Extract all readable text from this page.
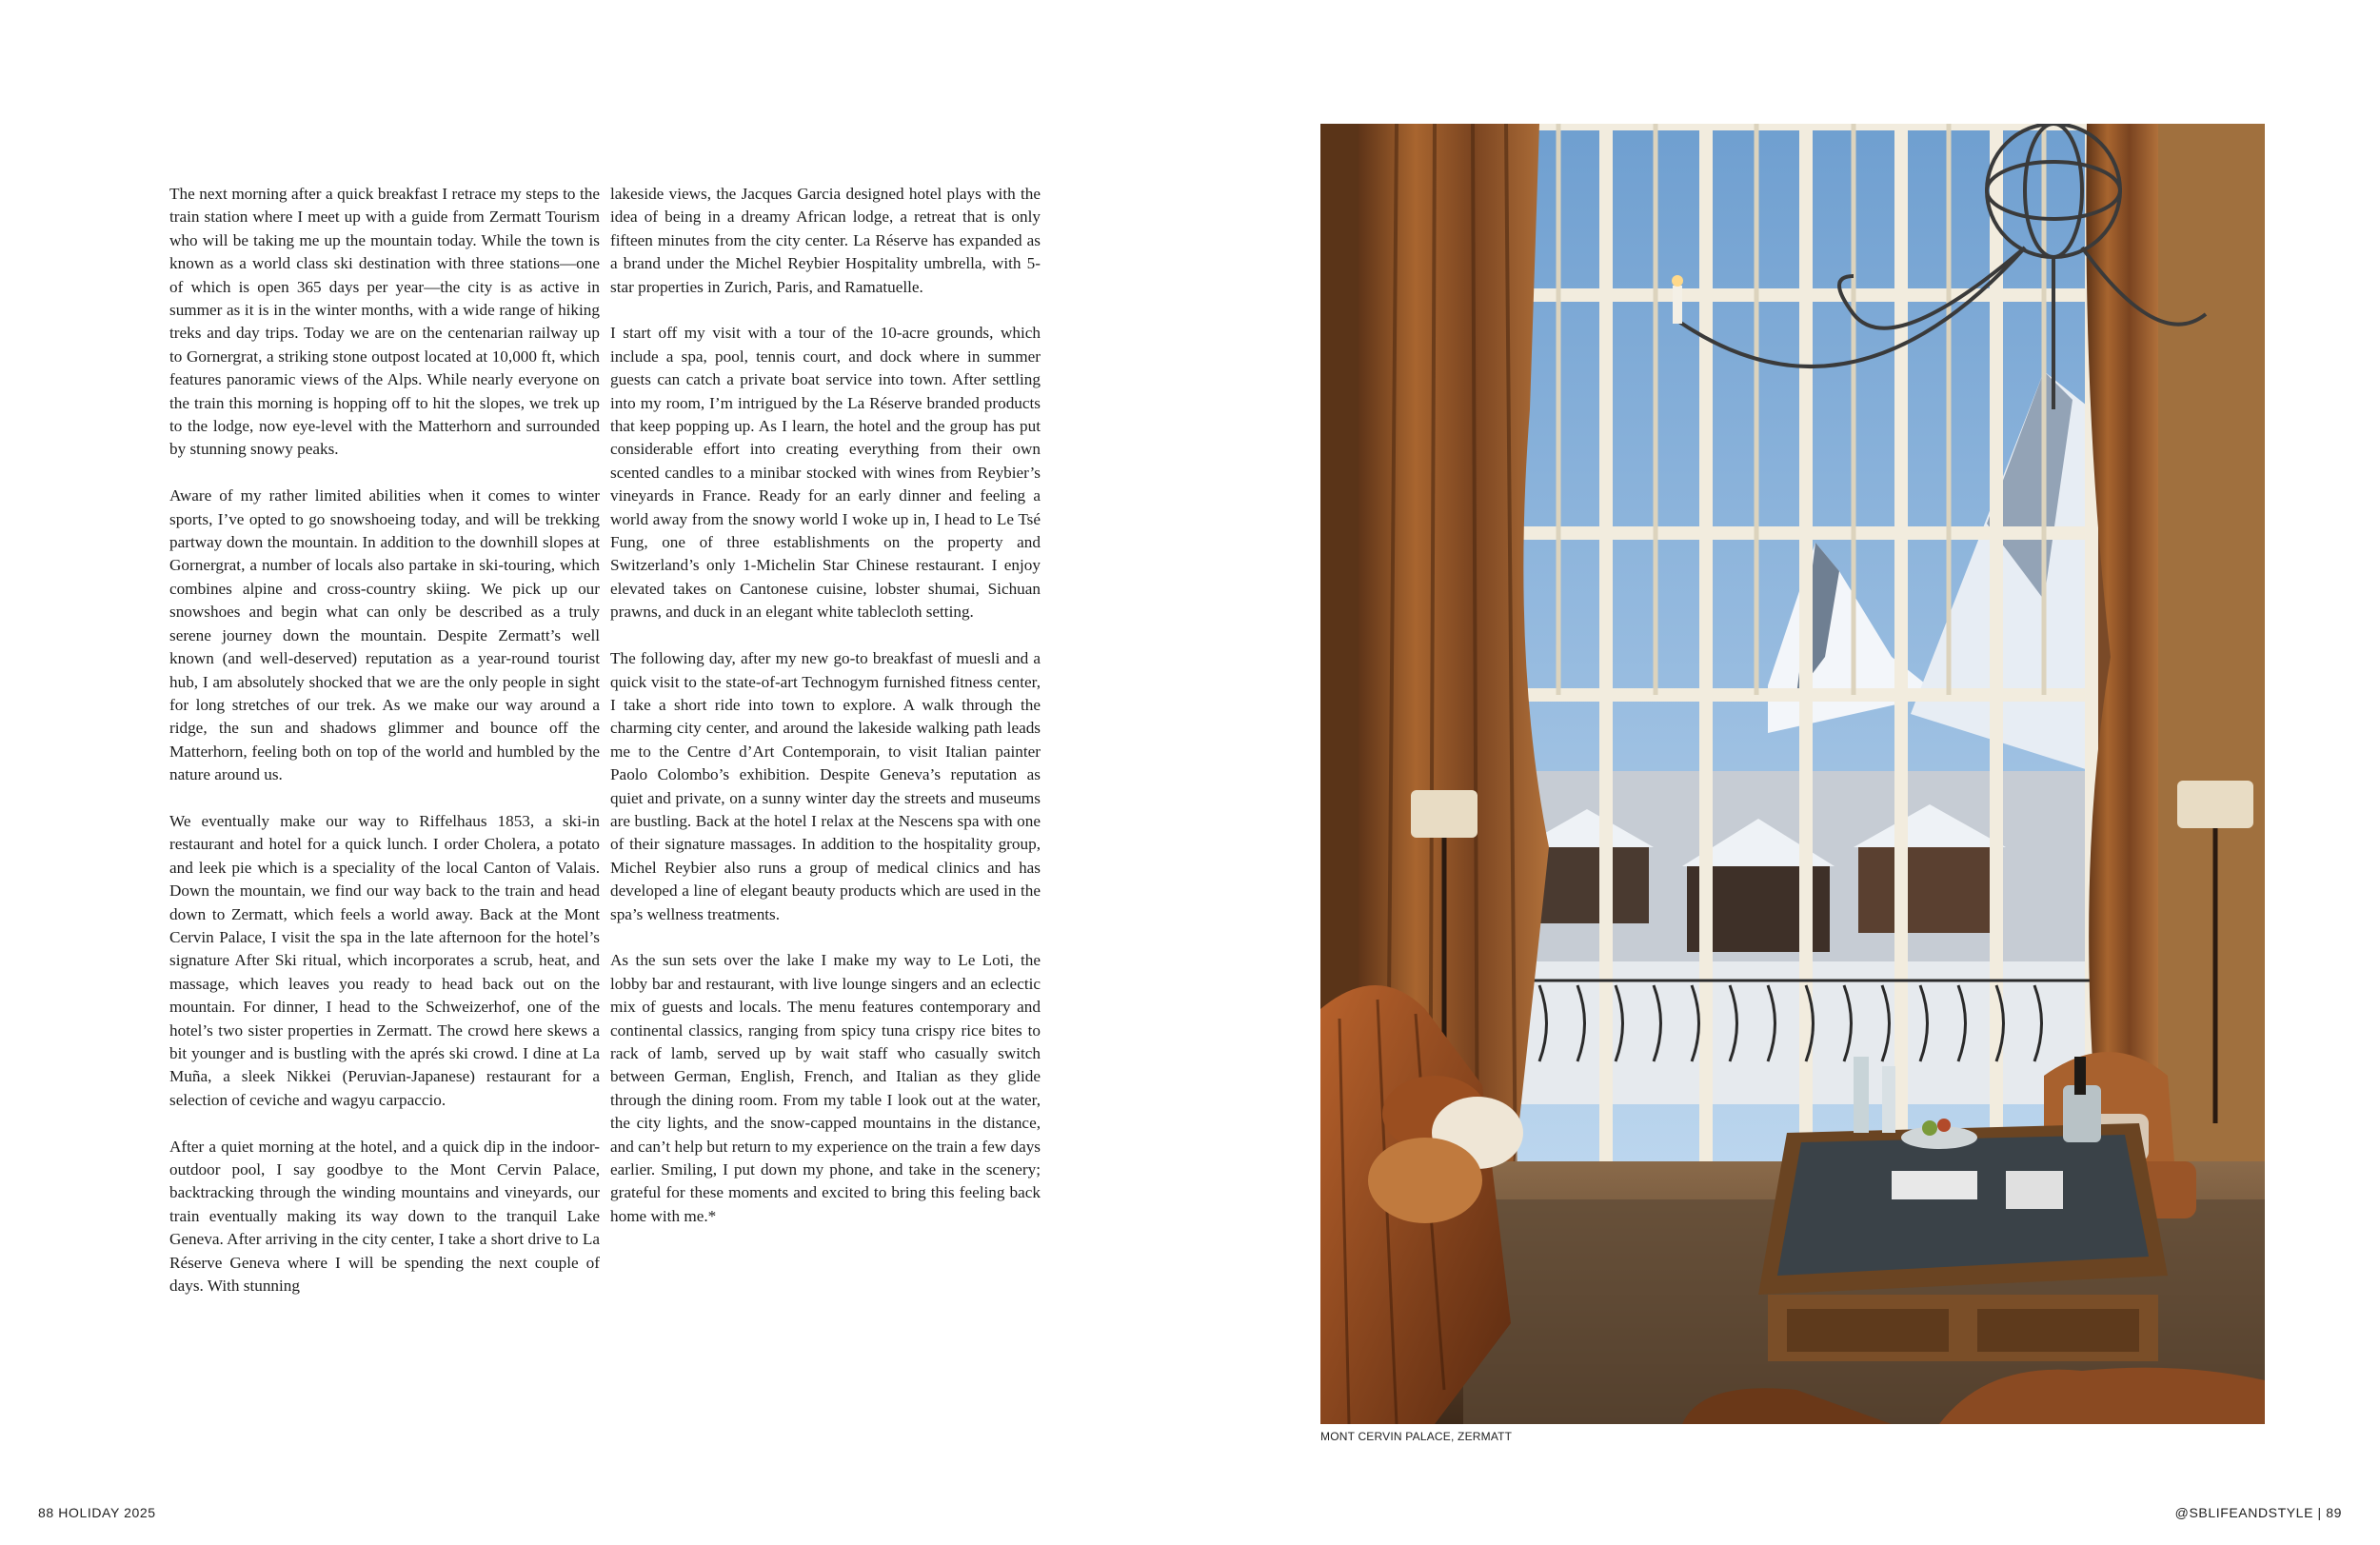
The next morning after a quick breakfast I retrace my steps to the train station where I meet up with a guide from Zermatt Tourism who will be taking me up the mountain today. While the town is known as a world class ski destination with three stations—one of which is open 365 days per year—the city is as active in summer as it is in the winter months, with a wide range of hiking treks and day trips. Today we are on the centenarian railway up to Gornergrat, a striking stone outpost located at 10,000 ft, which features panoramic views of the Alps. While nearly everyone on the train this morning is hopping off to hit the slopes, we trek up to the lodge, now eye-level with the Matterhorn and surrounded by stunning snowy peaks.

Aware of my rather limited abilities when it comes to winter sports, I’ve opted to go snowshoeing today, and will be trekking partway down the mountain. In addition to the downhill slopes at Gornergrat, a number of locals also partake in ski-touring, which combines alpine and cross-country skiing. We pick up our snowshoes and begin what can only be described as a truly serene journey down the mountain. Despite Zermatt’s well known (and well-deserved) reputation as a year-round tourist hub, I am absolutely shocked that we are the only people in sight for long stretches of our trek. As we make our way around a ridge, the sun and shadows glimmer and bounce off the Matterhorn, feeling both on top of the world and humbled by the nature around us.

We eventually make our way to Riffelhaus 1853, a ski-in restaurant and hotel for a quick lunch. I order Cholera, a potato and leek pie which is a speciality of the local Canton of Valais. Down the mountain, we find our way back to the train and head down to Zermatt, which feels a world away. Back at the Mont Cervin Palace, I visit the spa in the late afternoon for the hotel’s signature After Ski ritual, which incorporates a scrub, heat, and massage, which leaves you ready to head back out on the mountain. For dinner, I head to the Schweizerhof, one of the hotel’s two sister properties in Zermatt. The crowd here skews a bit younger and is bustling with the aprés ski crowd. I dine at La Muña, a sleek Nikkei (Peruvian-Japanese) restaurant for a selection of ceviche and wagyu carpaccio.

After a quiet morning at the hotel, and a quick dip in the indoor-outdoor pool, I say goodbye to the Mont Cervin Palace, backtracking through the winding mountains and vineyards, our train eventually making its way down to the tranquil Lake Geneva. After arriving in the city center, I take a short drive to La Réserve Geneva where I will be spending the next couple of days. With stunning

lakeside views, the Jacques Garcia designed hotel plays with the idea of being in a dreamy African lodge, a retreat that is only fifteen minutes from the city center. La Réserve has expanded as a brand under the Michel Reybier Hospitality umbrella, with 5-star properties in Zurich, Paris, and Ramatuelle.

I start off my visit with a tour of the 10-acre grounds, which include a spa, pool, tennis court, and dock where in summer guests can catch a private boat service into town. After settling into my room, I’m intrigued by the La Réserve branded products that keep popping up. As I learn, the hotel and the group has put considerable effort into creating everything from their own scented candles to a minibar stocked with wines from Reybier’s vineyards in France. Ready for an early dinner and feeling a world away from the snowy world I woke up in, I head to Le Tsé Fung, one of three establishments on the property and Switzerland’s only 1-Michelin Star Chinese restaurant. I enjoy elevated takes on Cantonese cuisine, lobster shumai, Sichuan prawns, and duck in an elegant white tablecloth setting.

The following day, after my new go-to breakfast of muesli and a quick visit to the state-of-art Technogym furnished fitness center, I take a short ride into town to explore. A walk through the charming city center, and around the lakeside walking path leads me to the Centre d’Art Contemporain, to visit Italian painter Paolo Colombo’s exhibition. Despite Geneva’s reputation as quiet and private, on a sunny winter day the streets and museums are bustling. Back at the hotel I relax at the Nescens spa with one of their signature massages. In addition to the hospitality group, Michel Reybier also runs a group of medical clinics and has developed a line of elegant beauty products which are used in the spa’s wellness treatments.

As the sun sets over the lake I make my way to Le Loti, the lobby bar and restaurant, with live lounge singers and an eclectic mix of guests and locals. The menu features contemporary and continental classics, ranging from spicy tuna crispy rice bites to rack of lamb, served up by wait staff who casually switch between German, English, French, and Italian as they glide through the dining room. From my table I look out at the water, the city lights, and the snow-capped mountains in the distance, and can’t help but return to my experience on the train a few days earlier. Smiling, I put down my phone, and take in the scenery; grateful for these moments and excited to bring this feeling back home with me.*

MONT CERVIN PALACE, ZERMATT
88 HOLIDAY 2025	@SBLIFEANDSTYLE | 89
